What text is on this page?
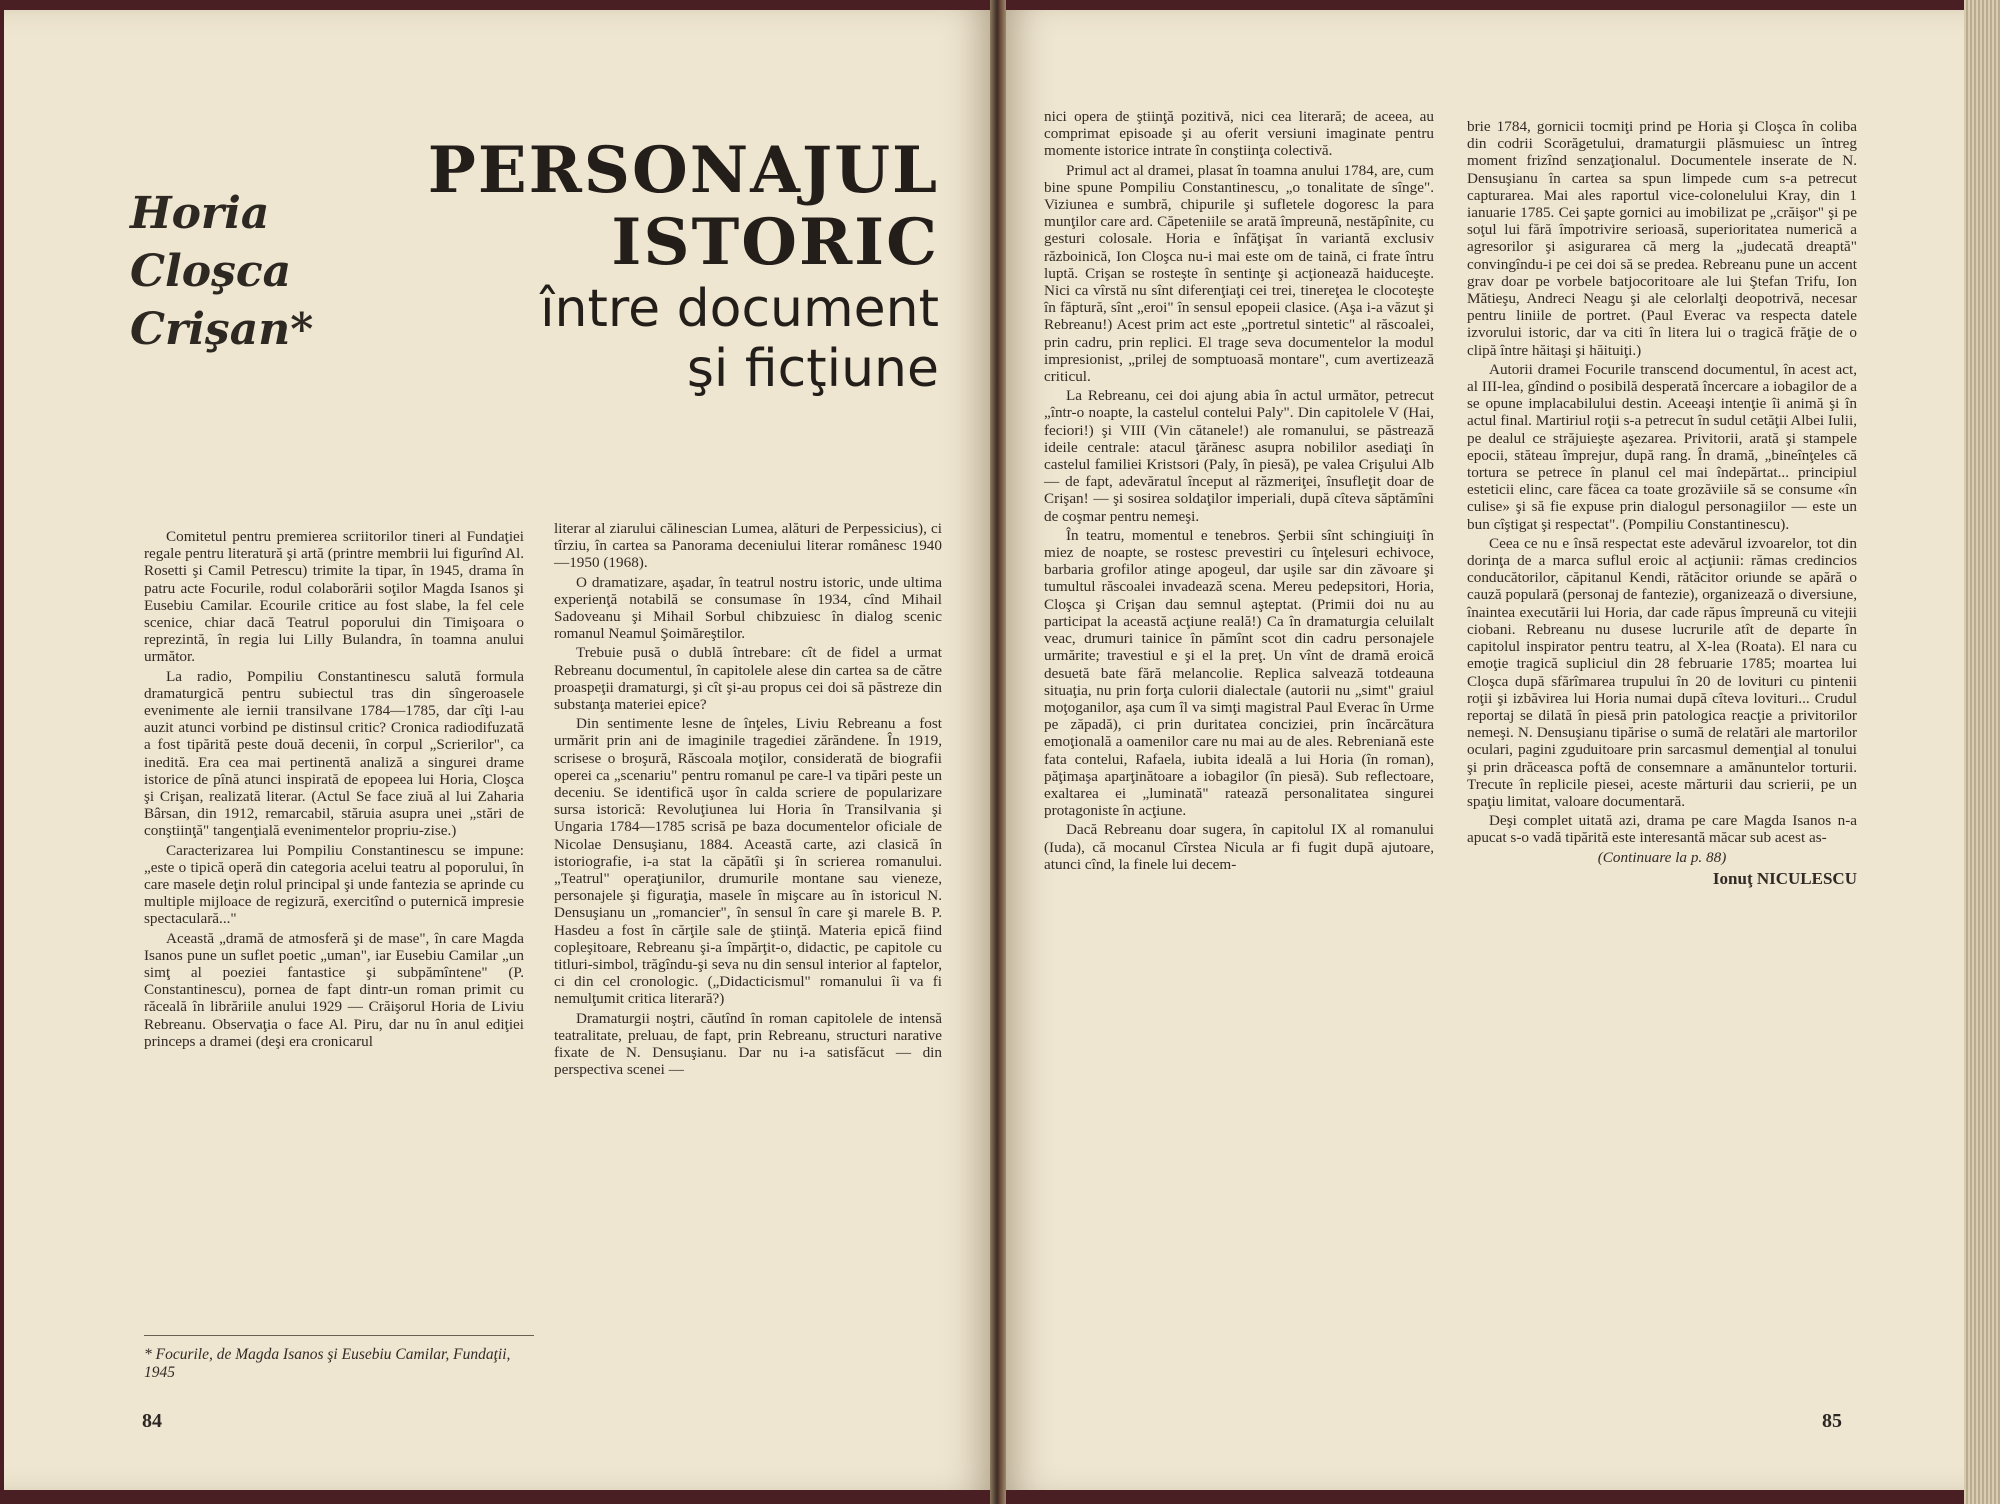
Horia
Cloşca
Crişan*
PERSONAJUL
ISTORIC
între document
şi ficţiune

Comitetul pentru premierea scriitorilor tineri al Fundaţiei regale pentru literatură şi artă (printre membrii lui figurînd Al. Rosetti şi Camil Petrescu) trimite la tipar, în 1945, drama în patru acte Focurile, rodul colaborării soţilor Magda Isanos şi Eusebiu Camilar. Ecourile critice au fost slabe, la fel cele scenice, chiar dacă Teatrul poporului din Timişoara o reprezintă, în regia lui Lilly Bulandra, în toamna anului următor.

La radio, Pompiliu Constantinescu salută formula dramaturgică pentru subiectul tras din sîngeroasele evenimente ale iernii transilvane 1784—1785, dar cîţi l-au auzit atunci vorbind pe distinsul critic? Cronica radiodifuzată a fost tipărită peste două decenii, în corpul „Scrierilor", ca inedită. Era cea mai pertinentă analiză a singurei drame istorice de pînă atunci inspirată de epopeea lui Horia, Cloşca şi Crişan, realizată literar. (Actul Se face ziuă al lui Zaharia Bârsan, din 1912, remarcabil, stăruia asupra unei „stări de conştiinţă" tangenţială evenimentelor propriu-zise.)

Caracterizarea lui Pompiliu Constantinescu se impune: „este o tipică operă din categoria acelui teatru al poporului, în care masele deţin rolul principal şi unde fantezia se aprinde cu multiple mijloace de regizură, exercitînd o puternică impresie spectaculară..."

Această „dramă de atmosferă şi de mase", în care Magda Isanos pune un suflet poetic „uman", iar Eusebiu Camilar „un simţ al poeziei fantastice şi subpămîntene" (P. Constantinescu), pornea de fapt dintr-un roman primit cu răceală în librăriile anului 1929 — Crăişorul Horia de Liviu Rebreanu. Observaţia o face Al. Piru, dar nu în anul ediţiei princeps a dramei (deşi era cronicarul

literar al ziarului călinescian Lumea, alături de Perpessicius), ci tîrziu, în cartea sa Panorama deceniului literar românesc 1940—1950 (1968).

O dramatizare, aşadar, în teatrul nostru istoric, unde ultima experienţă notabilă se consumase în 1934, cînd Mihail Sadoveanu şi Mihail Sorbul chibzuiesc în dialog scenic romanul Neamul Şoimăreştilor.

Trebuie pusă o dublă întrebare: cît de fidel a urmat Rebreanu documentul, în capitolele alese din cartea sa de către proaspeţii dramaturgi, şi cît şi-au propus cei doi să păstreze din substanţa materiei epice?

Din sentimente lesne de înţeles, Liviu Rebreanu a fost urmărit prin ani de imaginile tragediei zărăndene. În 1919, scrisese o broşură, Răscoala moţilor, considerată de biografii operei ca „scenariu" pentru romanul pe care-l va tipări peste un deceniu. Se identifică uşor în calda scriere de popularizare sursa istorică: Revoluţiunea lui Horia în Transilvania şi Ungaria 1784—1785 scrisă pe baza documentelor oficiale de Nicolae Densuşianu, 1884. Această carte, azi clasică în istoriografie, i-a stat la căpătîi şi în scrierea romanului. „Teatrul" operaţiunilor, drumurile montane sau vieneze, personajele şi figuraţia, masele în mişcare au în istoricul N. Densuşianu un „romancier", în sensul în care şi marele B. P. Hasdeu a fost în cărţile sale de ştiinţă. Materia epică fiind copleşitoare, Rebreanu şi-a împărţit-o, didactic, pe capitole cu titluri-simbol, trăgîndu-şi seva nu din sensul interior al faptelor, ci din cel cronologic. („Didacticismul" romanului îi va fi nemulţumit critica literară?)

Dramaturgii noştri, căutînd în roman capitolele de intensă teatralitate, preluau, de fapt, prin Rebreanu, structuri narative fixate de N. Densuşianu. Dar nu i-a satisfăcut — din perspectiva scenei —

* Focurile, de Magda Isanos şi Eusebiu Camilar, Fundaţii, 1945
84

nici opera de ştiinţă pozitivă, nici cea literară; de aceea, au comprimat episoade şi au oferit versiuni imaginate pentru momente istorice intrate în conştiinţa colectivă.

Primul act al dramei, plasat în toamna anului 1784, are, cum bine spune Pompiliu Constantinescu, „o tonalitate de sînge". Viziunea e sumbră, chipurile şi sufletele dogoresc la para munţilor care ard. Căpeteniile se arată împreună, nestăpînite, cu gesturi colosale. Horia e înfăţişat în variantă exclusiv războinică, Ion Cloşca nu-i mai este om de taină, ci frate întru luptă. Crişan se rosteşte în sentinţe şi acţionează haiduceşte. Nici ca vîrstă nu sînt diferenţiaţi cei trei, tinereţea le clocoteşte în făptură, sînt „eroi" în sensul epopeii clasice. (Aşa i-a văzut şi Rebreanu!) Acest prim act este „portretul sintetic" al răscoalei, prin cadru, prin replici. El trage seva documentelor la modul impresionist, „prilej de somptuoasă montare", cum avertizează criticul.

La Rebreanu, cei doi ajung abia în actul următor, petrecut „într-o noapte, la castelul contelui Paly". Din capitolele V (Hai, feciori!) şi VIII (Vin cătanele!) ale romanului, se păstrează ideile centrale: atacul ţărănesc asupra nobililor asediaţi în castelul familiei Kristsori (Paly, în piesă), pe valea Crişului Alb — de fapt, adevăratul început al răzmeriţei, însufleţit doar de Crişan! — şi sosirea soldaţilor imperiali, după cîteva săptămîni de coşmar pentru nemeşi.

În teatru, momentul e tenebros. Şerbii sînt schingiuiţi în miez de noapte, se rostesc prevestiri cu înţelesuri echivoce, barbaria grofilor atinge apogeul, dar uşile sar din zăvoare şi tumultul răscoalei invadează scena. Mereu pedepsitori, Horia, Cloşca şi Crişan dau semnul aşteptat. (Primii doi nu au participat la această acţiune reală!) Ca în dramaturgia celuilalt veac, drumuri tainice în pămînt scot din cadru personajele urmărite; travestiul e şi el la preţ. Un vînt de dramă eroică desuetă bate fără melancolie. Replica salvează totdeauna situaţia, nu prin forţa culorii dialectale (autorii nu „simt" graiul moţoganilor, aşa cum îl va simţi magistral Paul Everac în Urme pe zăpadă), ci prin duritatea conciziei, prin încărcătura emoţională a oamenilor care nu mai au de ales. Rebreniană este fata contelui, Rafaela, iubita ideală a lui Horia (în roman), păţimaşa aparţinătoare a iobagilor (în piesă). Sub reflectoare, exaltarea ei „luminată" ratează personalitatea singurei protagoniste în acţiune.

Dacă Rebreanu doar sugera, în capitolul IX al romanului (Iuda), că mocanul Cîrstea Nicula ar fi fugit după ajutoare, atunci cînd, la finele lui decem-

brie 1784, gornicii tocmiţi prind pe Horia şi Cloşca în coliba din codrii Scorăgetului, dramaturgii plăsmuiesc un întreg moment frizînd senzaţionalul. Documentele inserate de N. Densuşianu în cartea sa spun limpede cum s-a petrecut capturarea. Mai ales raportul vice-colonelului Kray, din 1 ianuarie 1785. Cei şapte gornici au imobilizat pe „crăişor" şi pe soţul lui fără împotrivire serioasă, superioritatea numerică a agresorilor şi asigurarea că merg la „judecată dreaptă" convingîndu-i pe cei doi să se predea. Rebreanu pune un accent grav doar pe vorbele batjocoritoare ale lui Ştefan Trifu, Ion Mătieşu, Andreci Neagu şi ale celorlalţi deopotrivă, necesar pentru liniile de portret. (Paul Everac va respecta datele izvorului istoric, dar va citi în litera lui o tragică frăţie de o clipă între hăitaşi şi hăituiţi.)

Autorii dramei Focurile transcend documentul, în acest act, al III-lea, gîndind o posibilă desperată încercare a iobagilor de a se opune implacabilului destin. Aceeaşi intenţie îi animă şi în actul final. Martiriul roţii s-a petrecut în sudul cetăţii Albei Iulii, pe dealul ce străjuieşte aşezarea. Privitorii, arată şi stampele epocii, stăteau împrejur, după rang. În dramă, „bineînţeles că tortura se petrece în planul cel mai îndepărtat... principiul esteticii elinc, care făcea ca toate grozăviile să se consume «în culise» şi să fie expuse prin dialogul personagiilor — este un bun cîştigat şi respectat". (Pompiliu Constantinescu).

Ceea ce nu e însă respectat este adevărul izvoarelor, tot din dorinţa de a marca suflul eroic al acţiunii: rămas credincios conducătorilor, căpitanul Kendi, rătăcitor oriunde se apără o cauză populară (personaj de fantezie), organizează o diversiune, înaintea executării lui Horia, dar cade răpus împreună cu vitejii ciobani. Rebreanu nu dusese lucrurile atît de departe în capitolul inspirator pentru teatru, al X-lea (Roata). El nara cu emoţie tragică supliciul din 28 februarie 1785; moartea lui Cloşca după sfărîmarea trupului în 20 de lovituri cu pintenii roţii şi izbăvirea lui Horia numai după cîteva lovituri... Crudul reportaj se dilată în piesă prin patologica reacţie a privitorilor nemeşi. N. Densuşianu tipărise o sumă de relatări ale martorilor oculari, pagini zguduitoare prin sarcasmul demenţial al tonului şi prin drăceasca poftă de consemnare a amănuntelor torturii. Trecute în replicile piesei, aceste mărturii dau scrierii, pe un spaţiu limitat, valoare documentară.

Deşi complet uitată azi, drama pe care Magda Isanos n-a apucat s-o vadă tipărită este interesantă măcar sub acest as-

(Continuare la p. 88)
Ionuţ NICULESCU
85
